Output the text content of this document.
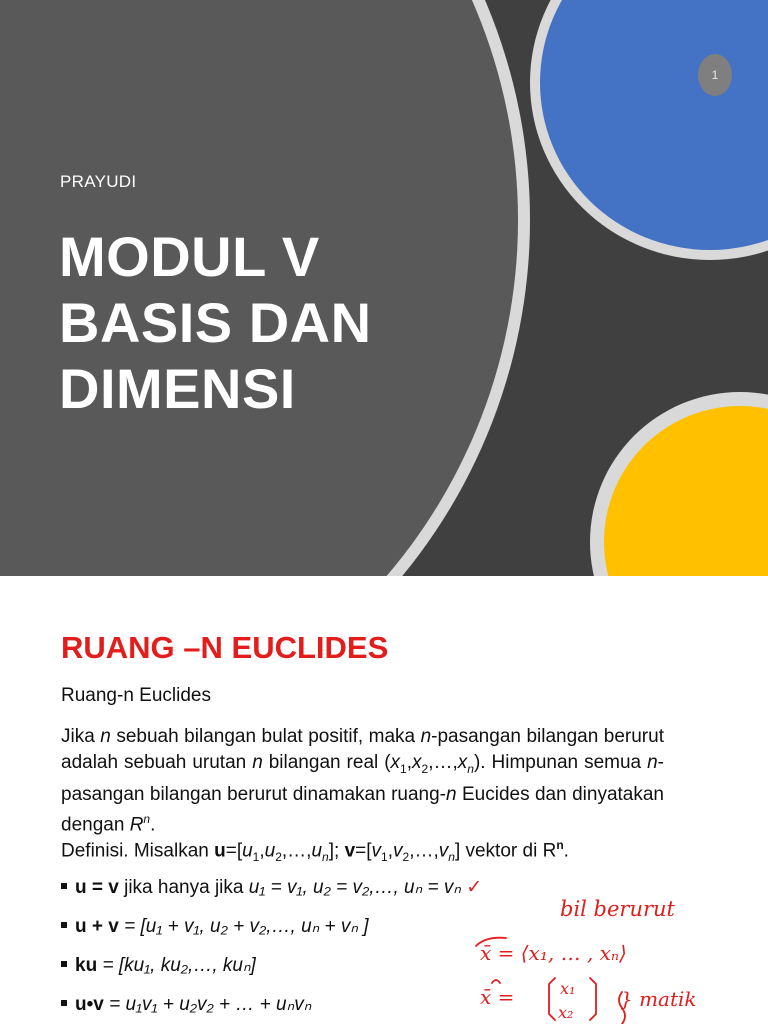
1
PRAYUDI
MODUL V
BASIS DAN
DIMENSI
RUANG –N EUCLIDES
Ruang-n Euclides
Jika n sebuah bilangan bulat positif, maka n-pasangan bilangan berurut adalah sebuah urutan n bilangan real $(x_1,x_2,\dots,x_n)$. Himpunan semua n-pasangan bilangan berurut dinamakan ruang-n Eucides dan dinyatakan dengan $R^n$.
Definisi. Misalkan $u=[u_1,u_2,\dots,u_n]$; $v=[v_1,v_2,\dots,v_n]$ vektor di $R^n$.
u = v jika hanya jika u₁ = v₁, u₂ = v₂,…, uₙ = vₙ ✓
u + v = [u₁ + v₁, u₂ + v₂,…, uₙ + vₙ ]
ku = [ku₁, ku₂,…, kuₙ]
u•v = u₁v₁ + u₂v₂ + … + uₙvₙ
bil berurut
x̄ = ⟨x₁, … , xₙ⟩
x̄ =	x₁
x₂
} matik
